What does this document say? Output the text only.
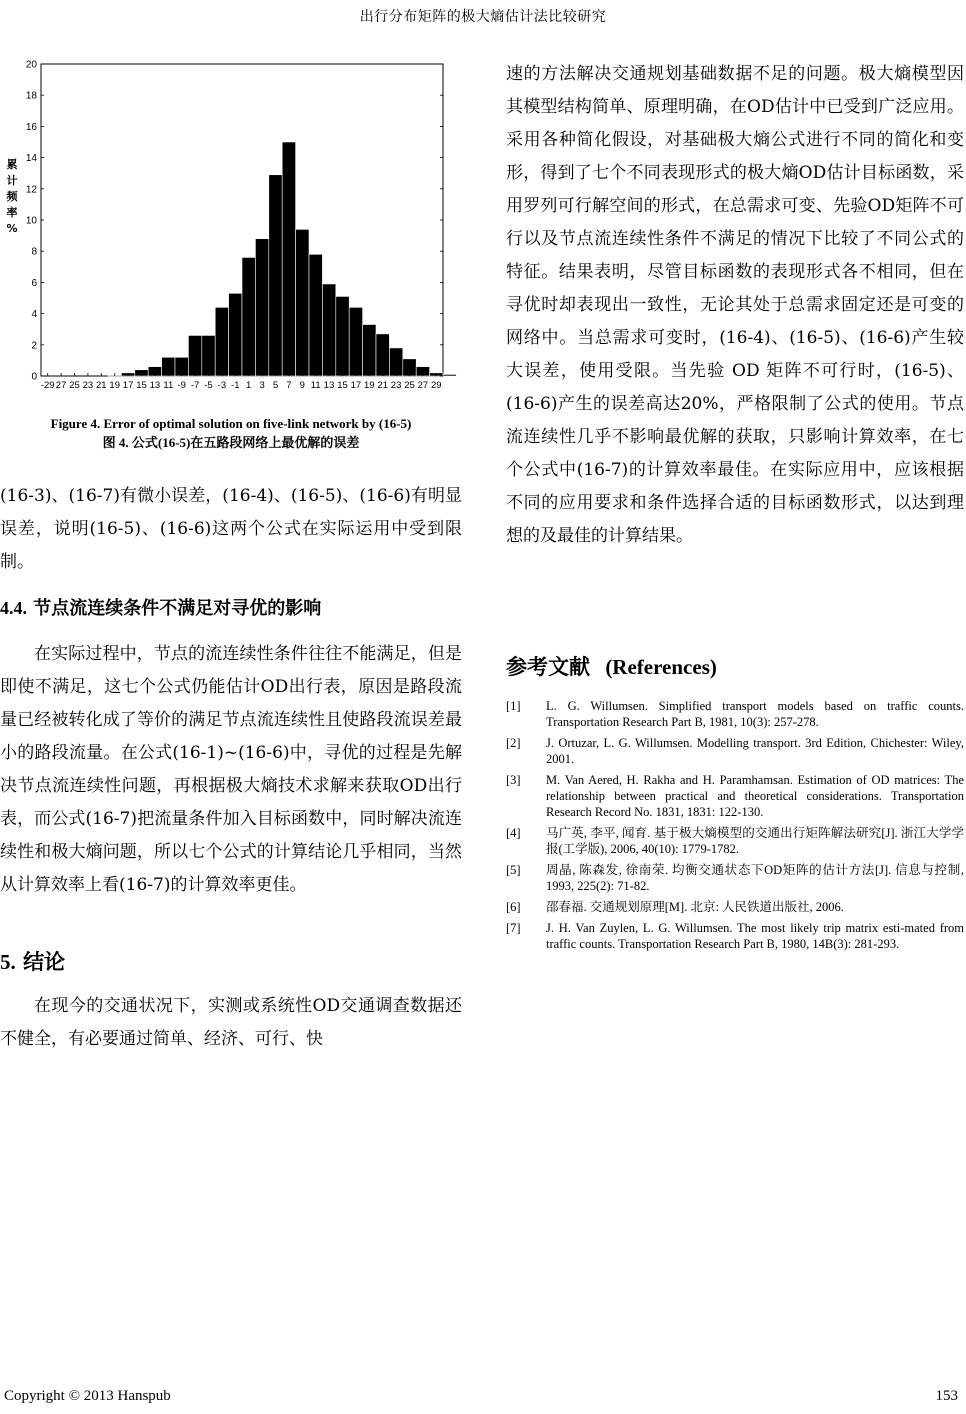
出行分布矩阵的极大熵估计法比较研究
0
2
4
6
8
10
12
14
16
18
20
-29 27 25 23 21 19 17 15 13 11 -9 -7 -5 -3 -1 1 3 5 7 9 11 13 15 17 19 21 23 25 27 29
累
计
频
率
%
Figure 4. Error of optimal solution on five-link network by (16-5)
图 4. 公式(16-5)在五路段网络上最优解的误差

(16-3)、(16-7)有微小误差，(16-4)、(16-5)、(16-6)有明显误差，说明(16-5)、(16-6)这两个公式在实际运用中受到限制。

4.4. 节点流连续条件不满足对寻优的影响

在实际过程中，节点的流连续性条件往往不能满足，但是即使不满足，这七个公式仍能估计OD出行表，原因是路段流量已经被转化成了等价的满足节点流连续性且使路段流误差最小的路段流量。在公式(16-1)~(16-6)中，寻优的过程是先解决节点流连续性问题，再根据极大熵技术求解来获取OD出行表，而公式(16-7)把流量条件加入目标函数中，同时解决流连续性和极大熵问题，所以七个公式的计算结论几乎相同，当然从计算效率上看(16-7)的计算效率更佳。

5. 结论

在现今的交通状况下，实测或系统性OD交通调查数据还不健全，有必要通过简单、经济、可行、快

速的方法解决交通规划基础数据不足的问题。极大熵模型因其模型结构简单、原理明确，在OD估计中已受到广泛应用。采用各种简化假设，对基础极大熵公式进行不同的简化和变形，得到了七个不同表现形式的极大熵OD估计目标函数，采用罗列可行解空间的形式，在总需求可变、先验OD矩阵不可行以及节点流连续性条件不满足的情况下比较了不同公式的特征。结果表明，尽管目标函数的表现形式各不相同，但在寻优时却表现出一致性，无论其处于总需求固定还是可变的网络中。当总需求可变时，(16-4)、(16-5)、(16-6)产生较大误差，使用受限。当先验 OD 矩阵不可行时，(16-5)、(16-6)产生的误差高达20%，严格限制了公式的使用。节点流连续性几乎不影响最优解的获取，只影响计算效率，在七个公式中(16-7)的计算效率最佳。在实际应用中，应该根据不同的应用要求和条件选择合适的目标函数形式，以达到理想的及最佳的计算结果。

参考文献 (References)
[1]	L. G. Willumsen. Simplified transport models based on traffic counts. Transportation Research Part B, 1981, 10(3): 257-278.
[2]	J. Ortuzar, L. G. Willumsen. Modelling transport. 3rd Edition, Chichester: Wiley, 2001.
[3]	M. Van Aered, H. Rakha and H. Paramhamsan. Estimation of OD matrices: The relationship between practical and theoretical considerations. Transportation Research Record No. 1831, 1831: 122-130.
[4]	马广英, 李平, 闻育. 基于极大熵模型的交通出行矩阵解法研究[J]. 浙江大学学报(工学版), 2006, 40(10): 1779-1782.
[5]	周晶, 陈森发, 徐南荣. 均衡交通状态下OD矩阵的估计方法[J]. 信息与控制, 1993, 225(2): 71-82.
[6]	邵春福. 交通规划原理[M]. 北京: 人民铁道出版社, 2006.
[7]	J. H. Van Zuylen, L. G. Willumsen. The most likely trip matrix esti-mated from traffic counts. Transportation Research Part B, 1980, 14B(3): 281-293.
Copyright © 2013 Hanspub	153
